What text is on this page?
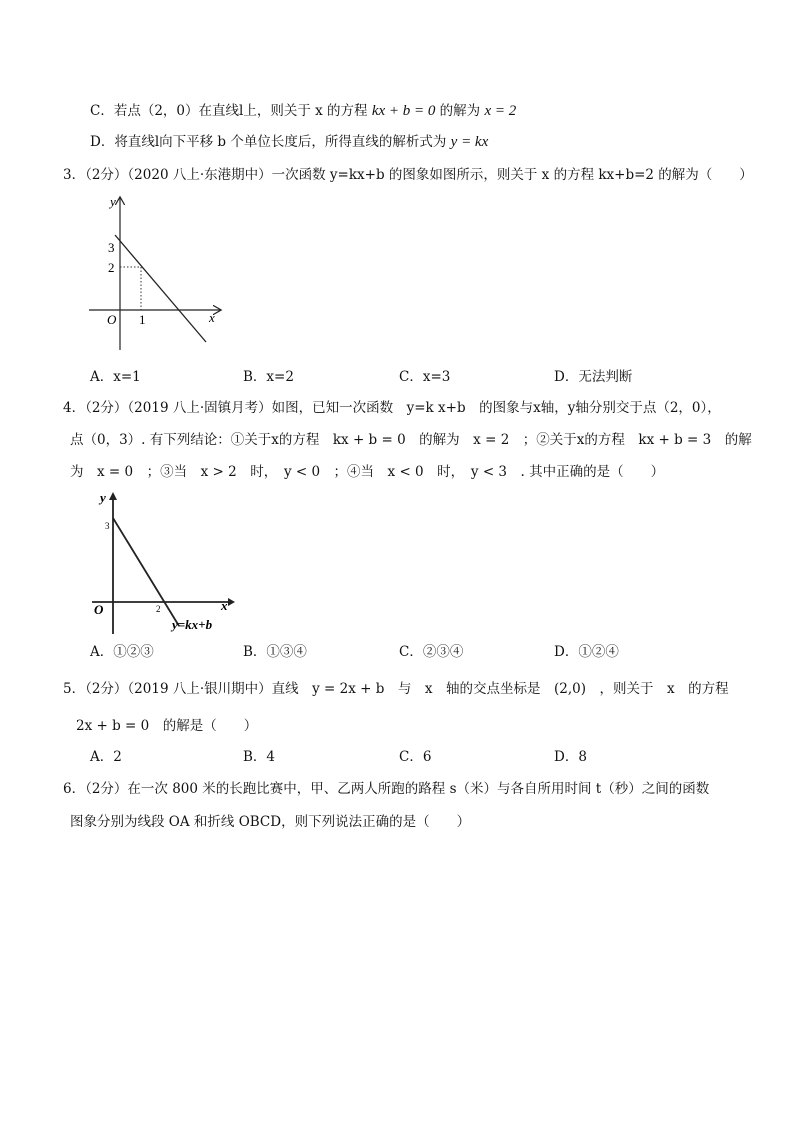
C．若点（2，0）在直线l上，则关于 x 的方程 kx + b = 0 的解为 x = 2
D．将直线l向下平移 b 个单位长度后，所得直线的解析式为 y = kx
3．（2分）（2020 八上·东港期中）一次函数 y=kx+b 的图象如图所示，则关于 x 的方程 kx+b=2 的解为（　　）
y
x
O
3
2
1
A．x=1	B．x=2	C．x=3	D．无法判断
4．（2分）（2019 八上·固镇月考）如图，已知一次函数　y=k x+b　的图象与x轴，y轴分别交于点（2，0），
点（0，3）. 有下列结论：①关于x的方程　kx + b = 0　的解为　x = 2　；②关于x的方程　kx + b = 3　的解
为　x = 0　；③当　x > 2　时，　y < 0　；④当　x < 0　时，　y < 3　. 其中正确的是（　　）
y
x
O
3
2
y=kx+b
A．①②③	B．①③④	C．②③④	D．①②④
5．（2分）（2019 八上·银川期中）直线　y = 2x + b　与　x　轴的交点坐标是　(2,0)　，则关于　x　的方程
2x + b = 0　的解是（　　）
A．2	B．4	C．6	D．8
6．（2分）在一次 800 米的长跑比赛中，甲、乙两人所跑的路程 s（米）与各自所用时间 t（秒）之间的函数
图象分别为线段 OA 和折线 OBCD，则下列说法正确的是（　　）
